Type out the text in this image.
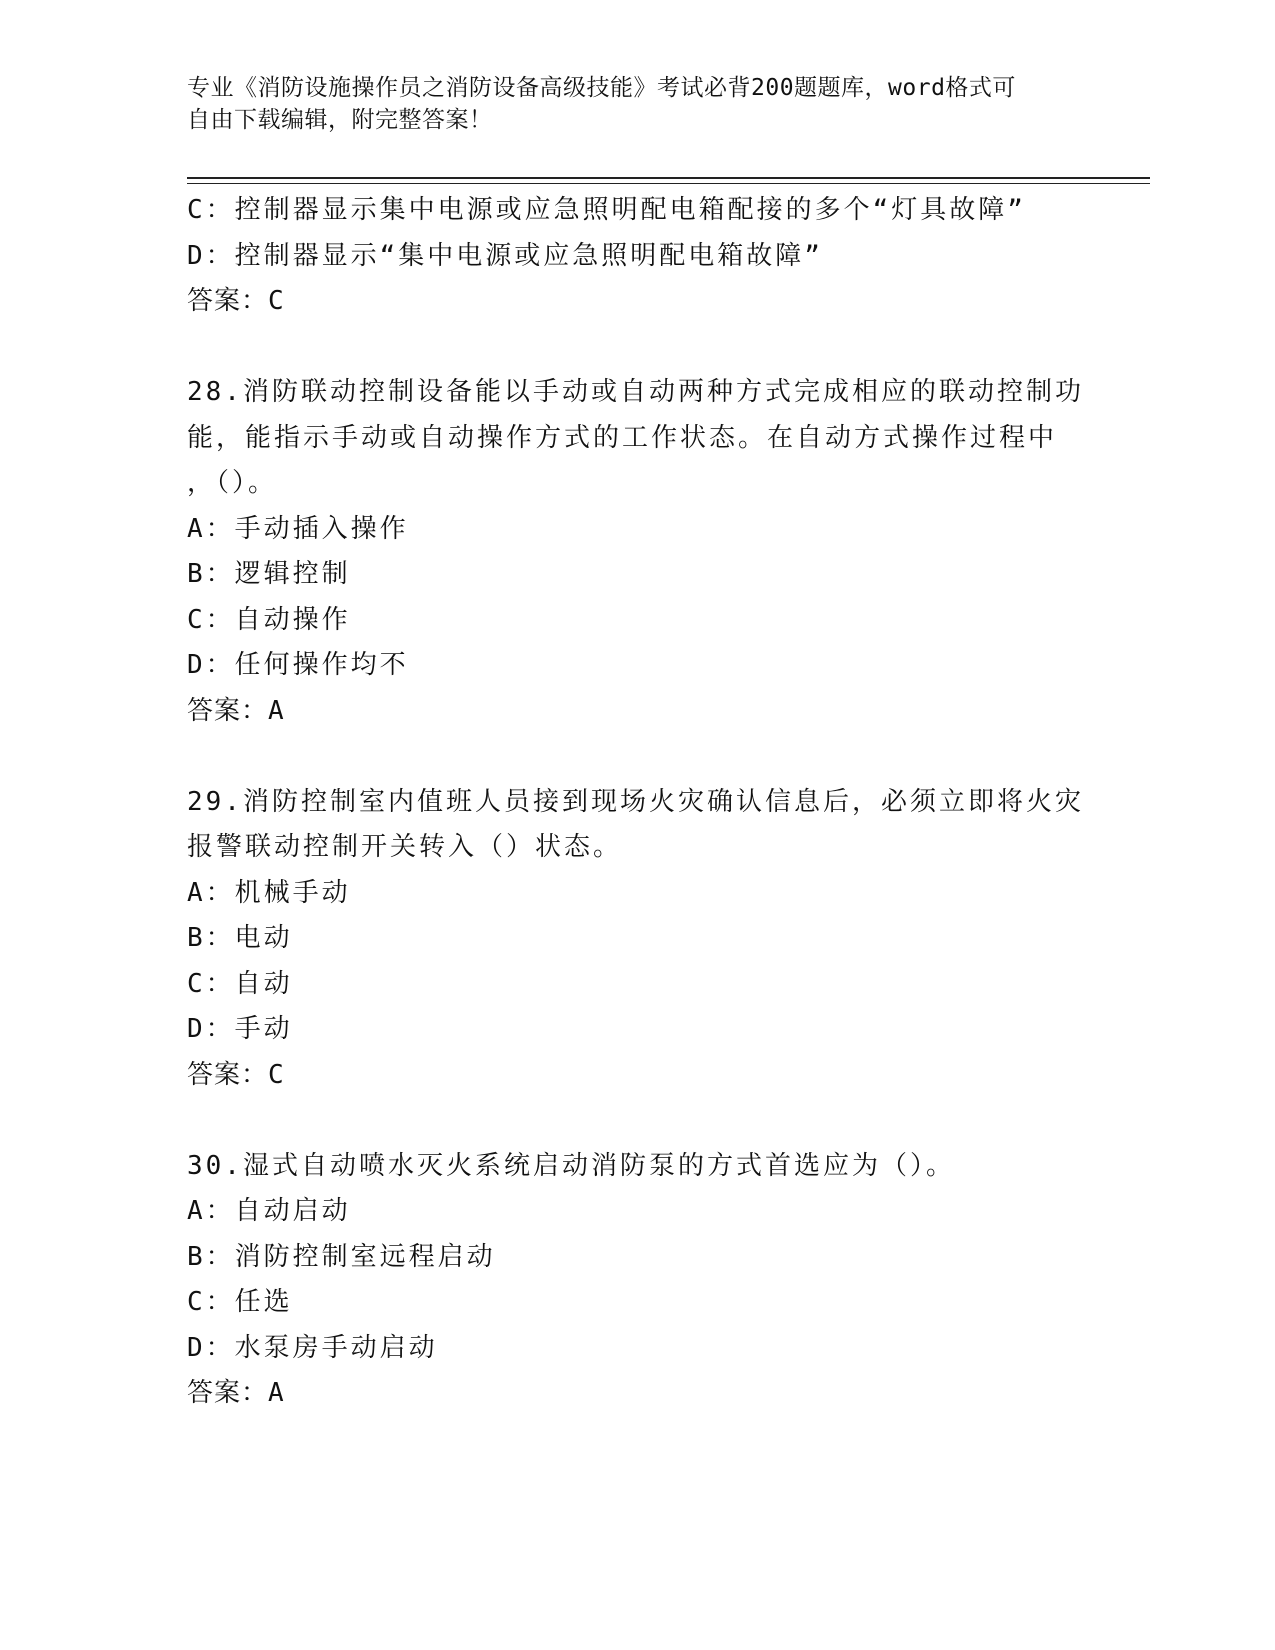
专业《消防设施操作员之消防设备高级技能》考试必背200题题库，word格式可
自由下载编辑，附完整答案！
C：控制器显示集中电源或应急照明配电箱配接的多个“灯具故障”
D：控制器显示“集中电源或应急照明配电箱故障”
答案：C
28.消防联动控制设备能以手动或自动两种方式完成相应的联动控制功
能，能指示手动或自动操作方式的工作状态。在自动方式操作过程中
，（）。
A：手动插入操作
B：逻辑控制
C：自动操作
D：任何操作均不
答案：A
29.消防控制室内值班人员接到现场火灾确认信息后，必须立即将火灾
报警联动控制开关转入（）状态。
A：机械手动
B：电动
C：自动
D：手动
答案：C
30.湿式自动喷水灭火系统启动消防泵的方式首选应为（）。
A：自动启动
B：消防控制室远程启动
C：任选
D：水泵房手动启动
答案：A
